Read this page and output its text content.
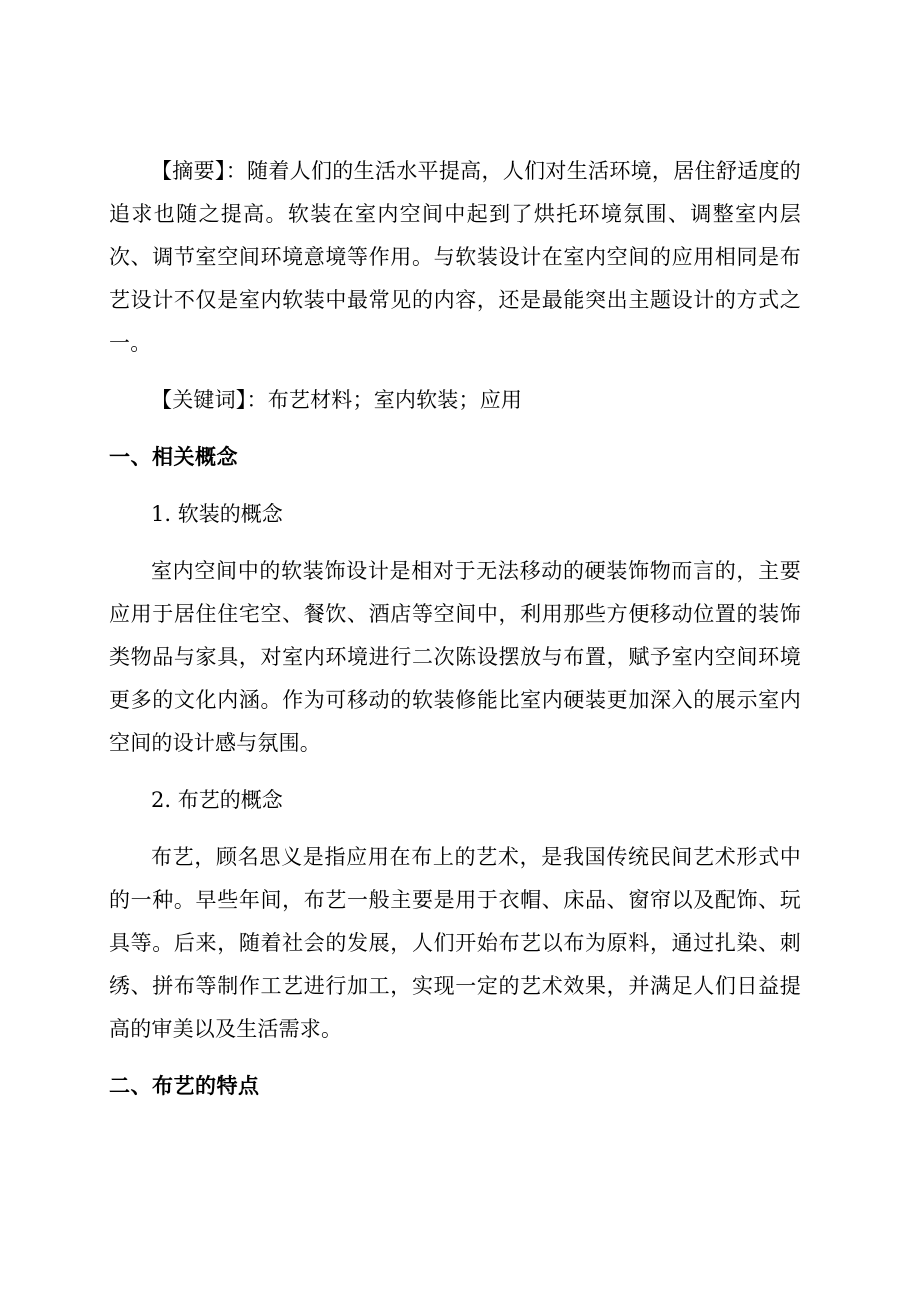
【摘要】：随着人们的生活水平提高，人们对生活环境，居住舒适度的追求也随之提高。软装在室内空间中起到了烘托环境氛围、调整室内层次、调节室空间环境意境等作用。与软装设计在室内空间的应用相同是布艺设计不仅是室内软装中最常见的内容，还是最能突出主题设计的方式之一。

【关键词】：布艺材料；室内软装；应用

一、相关概念

1. 软装的概念

室内空间中的软装饰设计是相对于无法移动的硬装饰物而言的，主要应用于居住住宅空、餐饮、酒店等空间中，利用那些方便移动位置的装饰类物品与家具，对室内环境进行二次陈设摆放与布置，赋予室内空间环境更多的文化内涵。作为可移动的软装修能比室内硬装更加深入的展示室内空间的设计感与氛围。

2. 布艺的概念

布艺，顾名思义是指应用在布上的艺术，是我国传统民间艺术形式中的一种。早些年间，布艺一般主要是用于衣帽、床品、窗帘以及配饰、玩具等。后来，随着社会的发展，人们开始布艺以布为原料，通过扎染、刺绣、拼布等制作工艺进行加工，实现一定的艺术效果，并满足人们日益提高的审美以及生活需求。

二、布艺的特点
